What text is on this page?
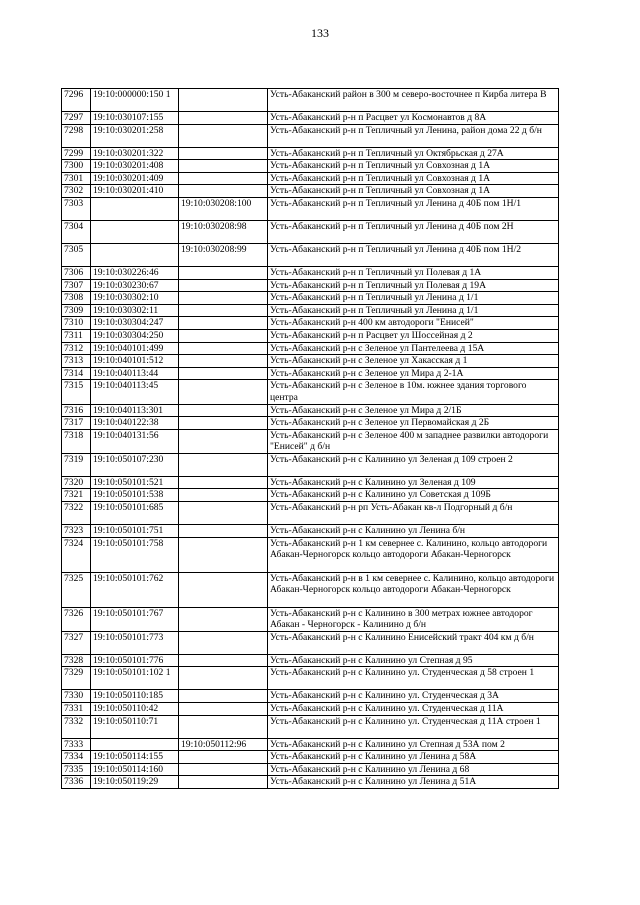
133
7296	19:10:000000:150 1		Усть-Абаканский район в 300 м северо-восточнее п Кирба литера В
7297	19:10:030107:155		Усть-Абаканский р-н п Расцвет ул Космонавтов д 8А
7298	19:10:030201:258		Усть-Абаканский р-н п Тепличный ул Ленина, район дома 22 д б/н
7299	19:10:030201:322		Усть-Абаканский р-н п Тепличный ул Октябрьская д 27А
7300	19:10:030201:408		Усть-Абаканский р-н п Тепличный ул Совхозная д 1А
7301	19:10:030201:409		Усть-Абаканский р-н п Тепличный ул Совхозная д 1А
7302	19:10:030201:410		Усть-Абаканский р-н п Тепличный ул Совхозная д 1А
7303		19:10:030208:100	Усть-Абаканский р-н п Тепличный ул Ленина д 40Б пом 1Н/1
7304		19:10:030208:98	Усть-Абаканский р-н п Тепличный ул Ленина д 40Б пом 2Н
7305		19:10:030208:99	Усть-Абаканский р-н п Тепличный ул Ленина д 40Б пом 1Н/2
7306	19:10:030226:46		Усть-Абаканский р-н п Тепличный ул Полевая д 1А
7307	19:10:030230:67		Усть-Абаканский р-н п Тепличный ул Полевая д 19А
7308	19:10:030302:10		Усть-Абаканский р-н п Тепличный ул Ленина д 1/1
7309	19:10:030302:11		Усть-Абаканский р-н п Тепличный ул Ленина д 1/1
7310	19:10:030304:247		Усть-Абаканский р-н 400 км автодороги "Енисей"
7311	19:10:030304:250		Усть-Абаканский р-н п Расцвет ул Шоссейная д 2
7312	19:10:040101:499		Усть-Абаканский р-н с Зеленое ул Пантелеева д 15А
7313	19:10:040101:512		Усть-Абаканский р-н с Зеленое ул Хакасская д 1
7314	19:10:040113:44		Усть-Абаканский р-н с Зеленое ул Мира д 2-1А
7315	19:10:040113:45		Усть-Абаканский р-н с Зеленое в 10м. южнее здания торгового центра
7316	19:10:040113:301		Усть-Абаканский р-н с Зеленое ул Мира д 2/1Б
7317	19:10:040122:38		Усть-Абаканский р-н с Зеленое ул Первомайская д 2Б
7318	19:10:040131:56		Усть-Абаканский р-н с Зеленое 400 м западнее развилки автодороги "Енисей" д б/н
7319	19:10:050107:230		Усть-Абаканский р-н с Калинино ул Зеленая д 109 строен 2
7320	19:10:050101:521		Усть-Абаканский р-н с Калинино ул Зеленая д 109
7321	19:10:050101:538		Усть-Абаканский р-н с Калинино ул Советская д 109Б
7322	19:10:050101:685		Усть-Абаканский р-н рп Усть-Абакан кв-л Подгорный д б/н
7323	19:10:050101:751		Усть-Абаканский р-н с Калинино ул Ленина б/н
7324	19:10:050101:758		Усть-Абаканский р-н 1 км севернее с. Калинино, кольцо автодороги Абакан-Черногорск кольцо автодороги Абакан-Черногорск
7325	19:10:050101:762		Усть-Абаканский р-н в 1 км севернее с. Калинино, кольцо автодороги Абакан-Черногорск кольцо автодороги Абакан-Черногорск
7326	19:10:050101:767		Усть-Абаканский р-н с Калинино в 300 метрах южнее автодорог Абакан - Черногорск - Калинино д б/н
7327	19:10:050101:773		Усть-Абаканский р-н с Калинино Енисейский тракт 404 км д б/н
7328	19:10:050101:776		Усть-Абаканский р-н с Калинино ул Степная д 95
7329	19:10:050101:102 1		Усть-Абаканский р-н с Калинино ул. Студенческая д 58 строен 1
7330	19:10:050110:185		Усть-Абаканский р-н с Калинино ул. Студенческая д 3А
7331	19:10:050110:42		Усть-Абаканский р-н с Калинино ул. Студенческая д 11А
7332	19:10:050110:71		Усть-Абаканский р-н с Калинино ул. Студенческая д 11А строен 1
7333		19:10:050112:96	Усть-Абаканский р-н с Калинино ул Степная д 53А пом 2
7334	19:10:050114:155		Усть-Абаканский р-н с Калинино ул Ленина д 58А
7335	19:10:050114:160		Усть-Абаканский р-н с Калинино ул Ленина д 68
7336	19:10:050119:29		Усть-Абаканский р-н с Калинино ул Ленина д 51А
